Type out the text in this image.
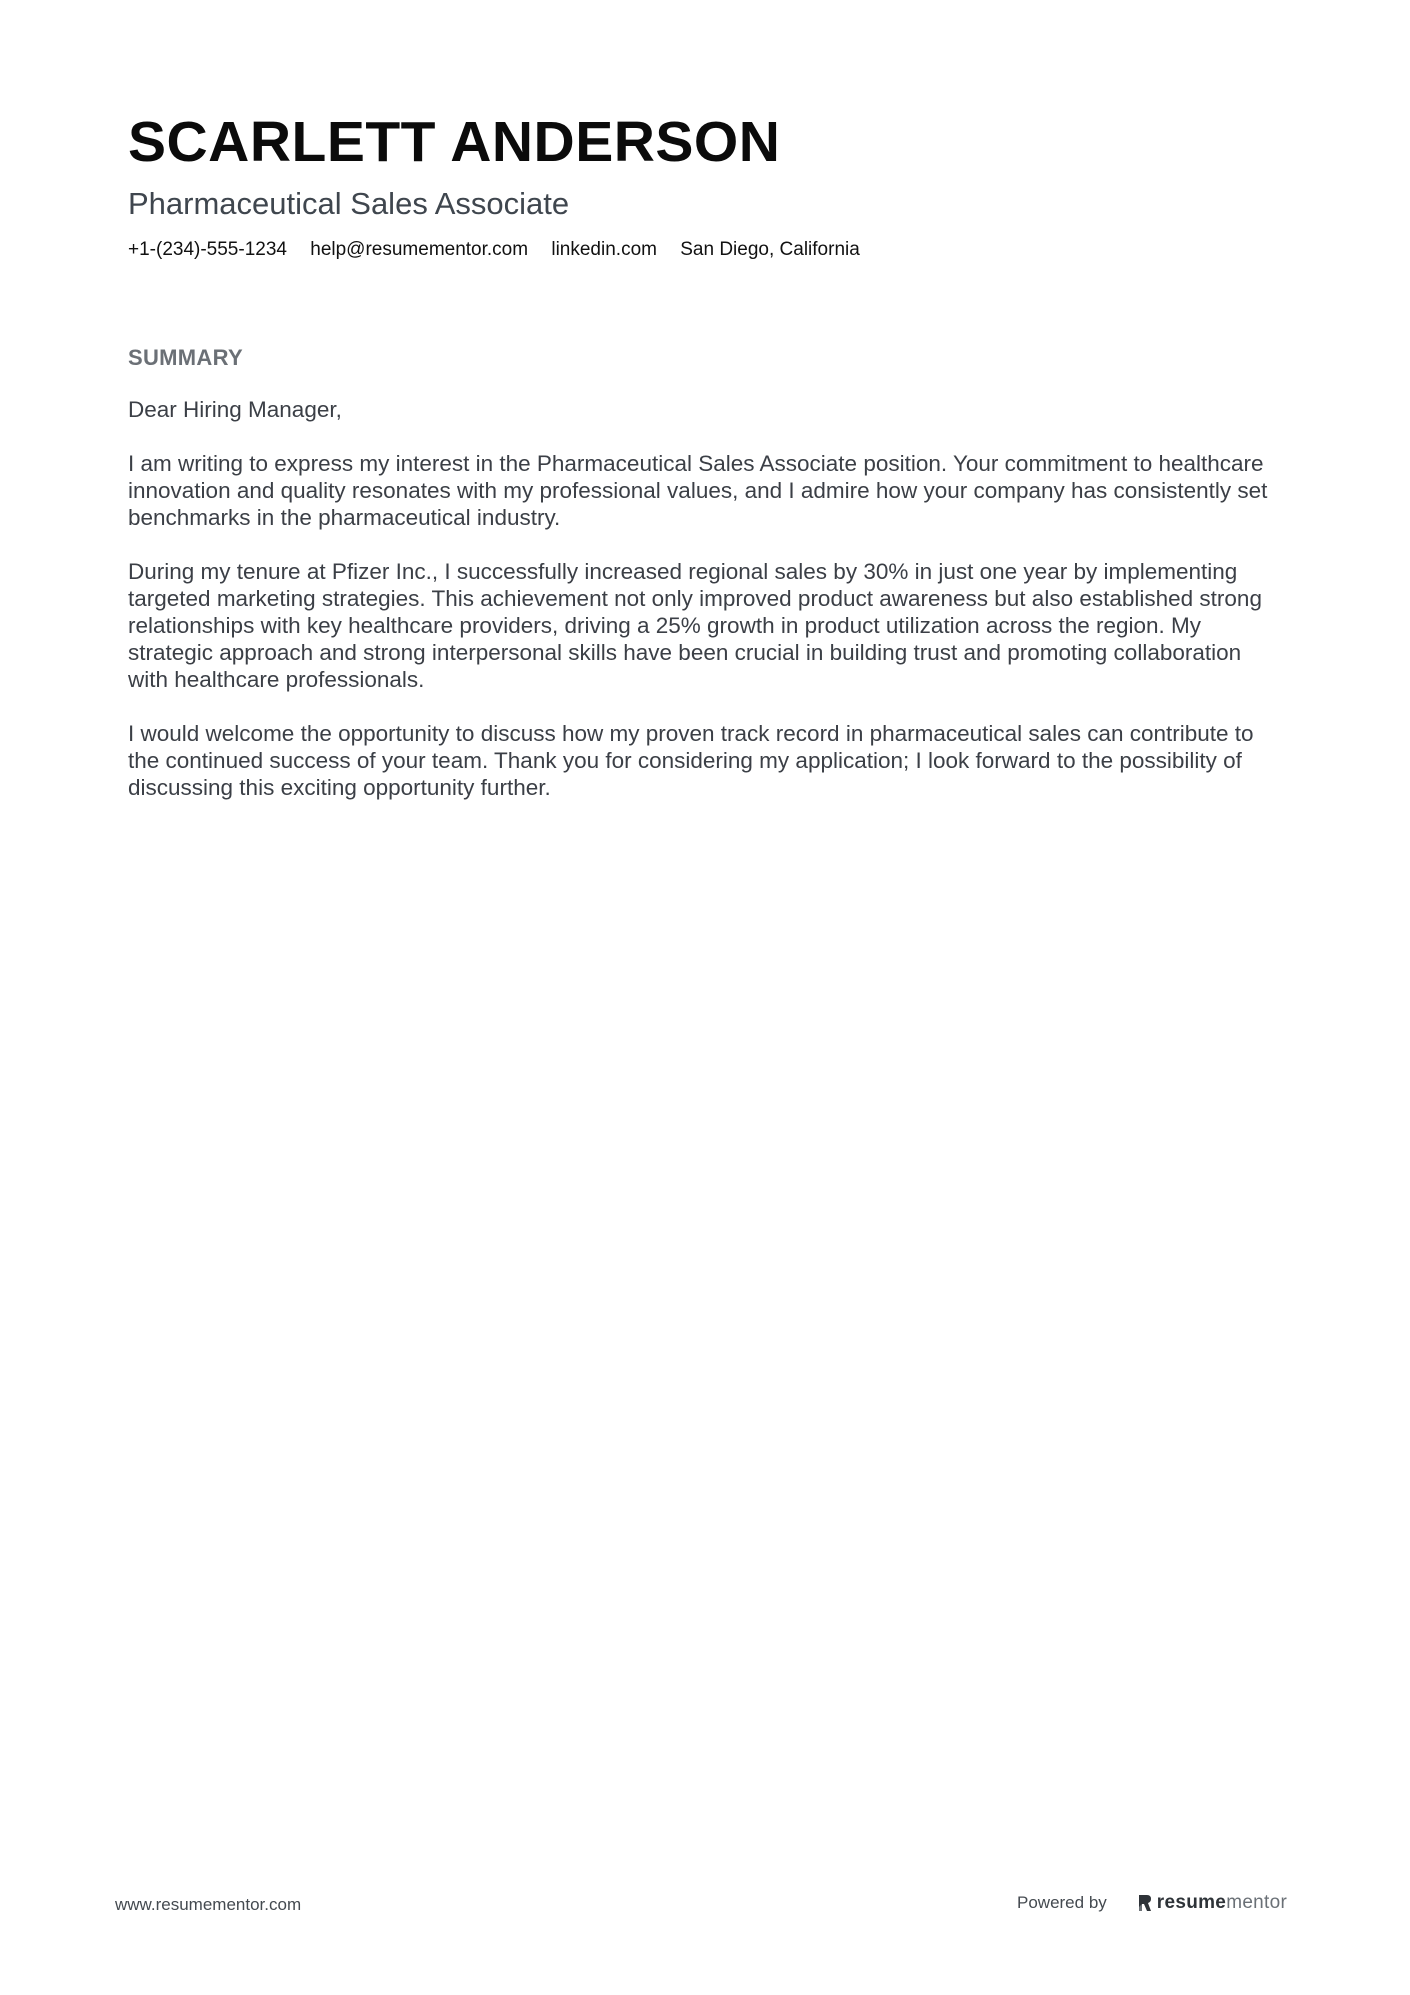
SCARLETT ANDERSON
Pharmaceutical Sales Associate
+1-(234)-555-1234 help@resumementor.com linkedin.com San Diego, California
SUMMARY

Dear Hiring Manager,

I am writing to express my interest in the Pharmaceutical Sales Associate position. Your commitment to healthcare innovation and quality resonates with my professional values, and I admire how your company has consistently set benchmarks in the pharmaceutical industry.

During my tenure at Pfizer Inc., I successfully increased regional sales by 30% in just one year by implementing targeted marketing strategies. This achievement not only improved product awareness but also established strong relationships with key healthcare providers, driving a 25% growth in product utilization across the region. My strategic approach and strong interpersonal skills have been crucial in building trust and promoting collaboration with healthcare professionals.

I would welcome the opportunity to discuss how my proven track record in pharmaceutical sales can contribute to the continued success of your team. Thank you for considering my application; I look forward to the possibility of discussing this exciting opportunity further.

www.resumementor.com	Powered by	resumementor
